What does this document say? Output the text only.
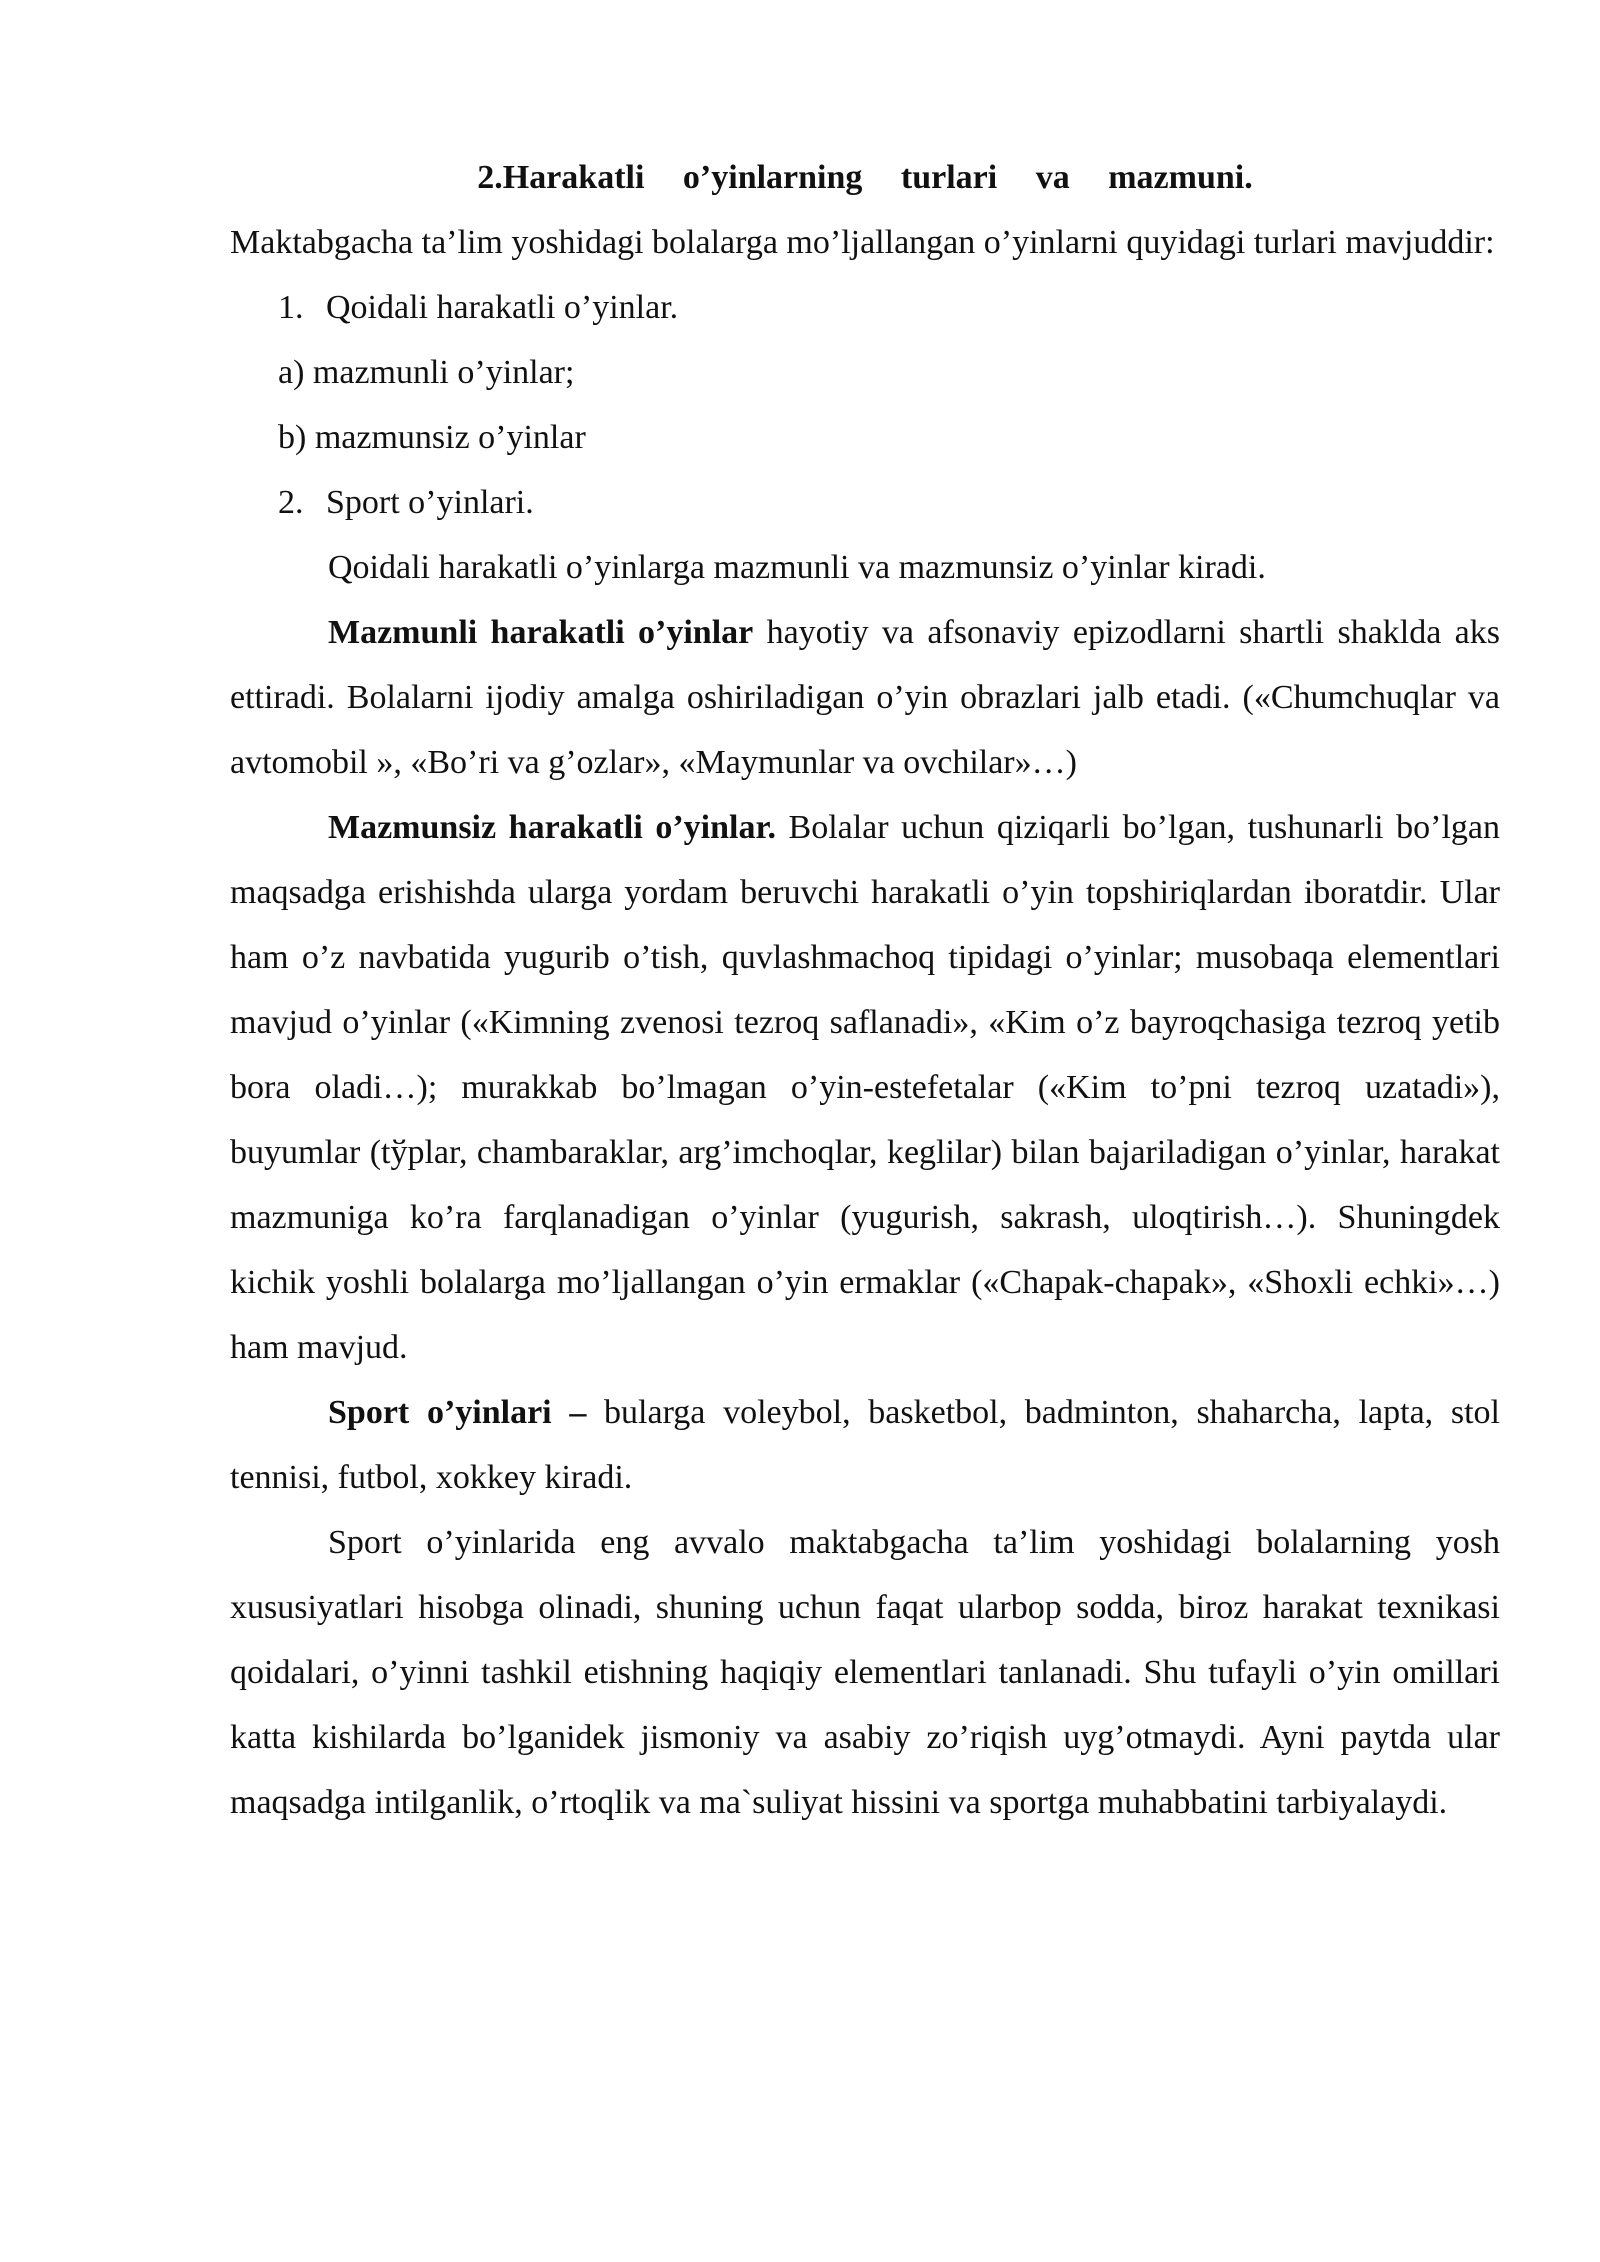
2.Harakatli o’yinlarning turlari va mazmuni.

Maktabgacha ta’lim yoshidagi bolalarga mo’ljallangan o’yinlarni quyidagi turlari mavjuddir:

1. Qoidali harakatli o’yinlar.
a) mazmunli o’yinlar;
b) mazmunsiz o’yinlar
2. Sport o’yinlari.

Qoidali harakatli o’yinlarga mazmunli va mazmunsiz o’yinlar kiradi.

Mazmunli harakatli o’yinlar hayotiy va afsonaviy epizodlarni shartli shaklda aks ettiradi. Bolalarni ijodiy amalga oshiriladigan o’yin obrazlari jalb etadi. («Chumchuqlar va avtomobil », «Bo’ri va g’ozlar», «Maymunlar va ovchilar»…)

Mazmunsiz harakatli o’yinlar. Bolalar uchun qiziqarli bo’lgan, tushunarli bo’lgan maqsadga erishishda ularga yordam beruvchi harakatli o’yin topshiriqlardan iboratdir. Ular ham o’z navbatida yugurib o’tish, quvlashmachoq tipidagi o’yinlar; musobaqa elementlari mavjud o’yinlar («Kimning zvenosi tezroq saflanadi», «Kim o’z bayroqchasiga tezroq yetib bora oladi…); murakkab bo’lmagan o’yin-estefetalar («Kim to’pni tezroq uzatadi»), buyumlar (tўplar, chambaraklar, arg’imchoqlar, keglilar) bilan bajariladigan o’yinlar, harakat mazmuniga ko’ra farqlanadigan o’yinlar (yugurish, sakrash, uloqtirish…). Shuningdek kichik yoshli bolalarga mo’ljallangan o’yin ermaklar («Chapak-chapak», «Shoxli echki»…) ham mavjud.

Sport o’yinlari – bularga voleybol, basketbol, badminton, shaharcha, lapta, stol tennisi, futbol, xokkey kiradi.

Sport o’yinlarida eng avvalo maktabgacha ta’lim yoshidagi bolalarning yosh xususiyatlari hisobga olinadi, shuning uchun faqat ularbop sodda, biroz harakat texnikasi qoidalari, o’yinni tashkil etishning haqiqiy elementlari tanlanadi. Shu tufayli o’yin omillari katta kishilarda bo’lganidek jismoniy va asabiy zo’riqish uyg’otmaydi. Ayni paytda ular maqsadga intilganlik, o’rtoqlik va ma`suliyat hissini va sportga muhabbatini tarbiyalaydi.
